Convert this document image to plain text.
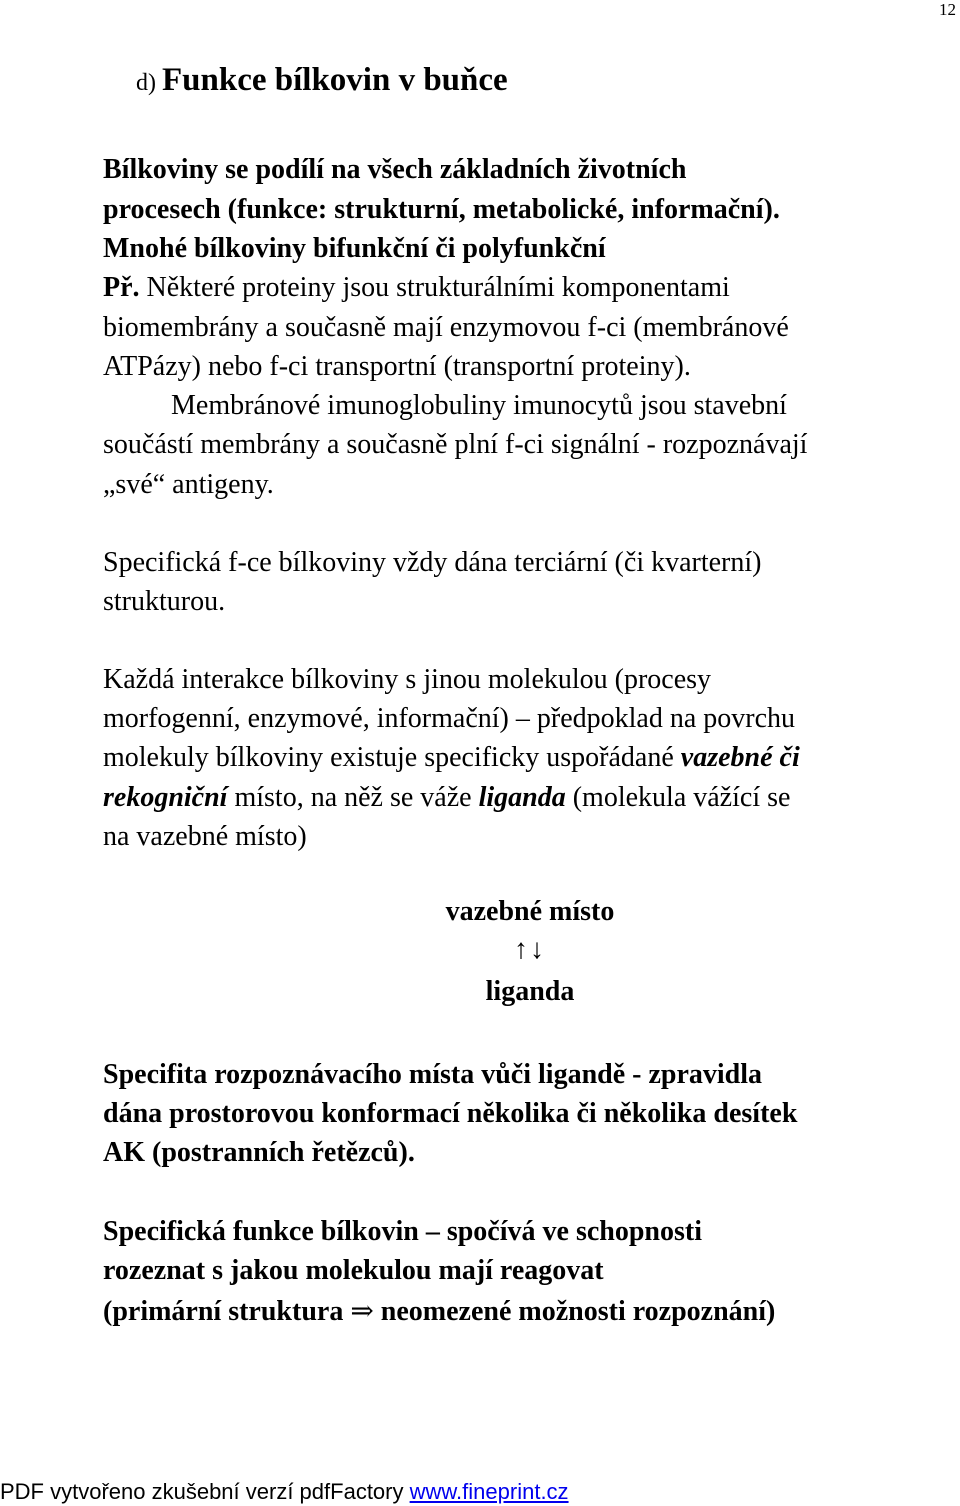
12
d) Funkce bílkovin v buňce
Bílkoviny se podílí na všech základních životních
procesech (funkce: strukturní, metabolické, informační).
Mnohé bílkoviny bifunkční či polyfunkční
Př. Některé proteiny jsou strukturálními komponentami
biomembrány a současně mají enzymovou f-ci (membránové
ATPázy) nebo f-ci transportní (transportní proteiny).
Membránové imunoglobuliny imunocytů jsou stavební
součástí membrány a současně plní f-ci signální - rozpoznávají
„své“ antigeny.
Specifická f-ce bílkoviny vždy dána terciární (či kvarterní)
strukturou.
Každá interakce bílkoviny s jinou molekulou (procesy
morfogenní, enzymové, informační) – předpoklad na povrchu
molekuly bílkoviny existuje specificky uspořádané vazebné či
rekogniční místo, na něž se váže liganda (molekula vážící se
na vazebné místo)
vazebné místo
↑↓
liganda
Specifita rozpoznávacího místa vůči ligandě - zpravidla
dána prostorovou konformací několika či několika desítek
AK (postranních řetězců).
Specifická funkce bílkovin – spočívá ve schopnosti
rozeznat s jakou molekulou mají reagovat
(primární struktura ⇒ neomezené možnosti rozpoznání)
PDF vytvořeno zkušební verzí pdfFactory www.fineprint.cz
